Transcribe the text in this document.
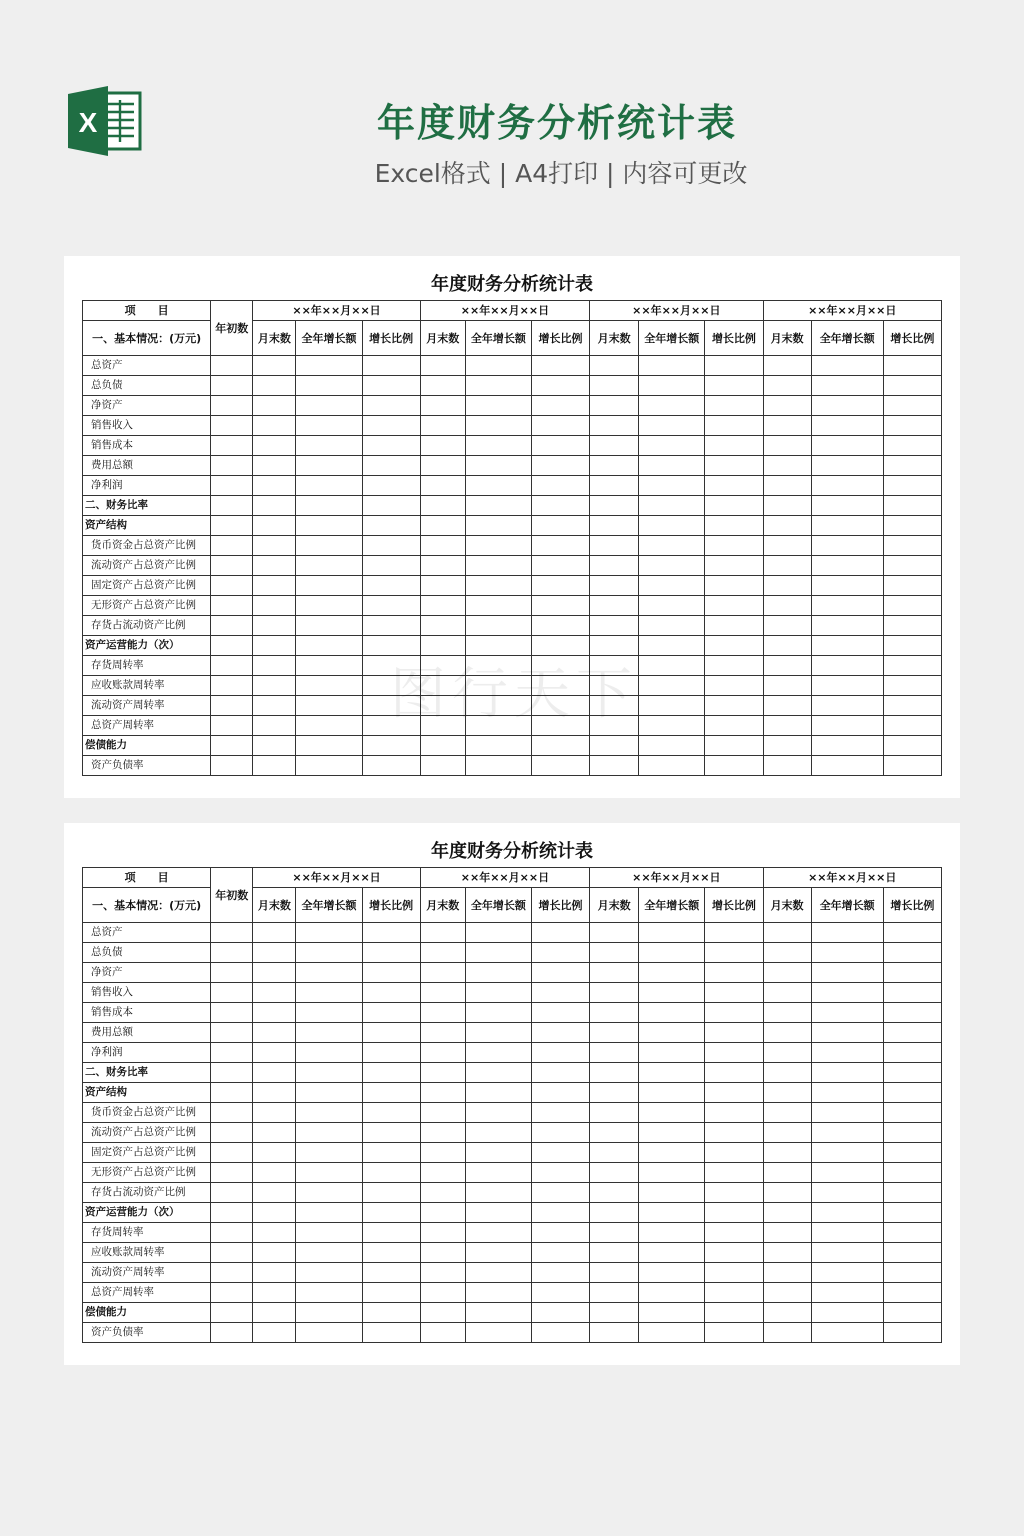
X	年度财务分析统计表
Excel格式 | A4打印 | 内容可更改
年度财务分析统计表
项　　目	年初数	××年××月××日			××年××月××日			××年××月××日			××年××月××日		
一、基本情况：(万元)		月末数	全年增长额	增长比例	月末数	全年增长额	增长比例	月末数	全年增长额	增长比例	月末数	全年增长额	增长比例
总资产													
总负债													
净资产													
销售收入													
销售成本													
费用总额													
净利润													
二、财务比率													
资产结构													
货币资金占总资产比例													
流动资产占总资产比例													
固定资产占总资产比例													
无形资产占总资产比例													
存货占流动资产比例													
资产运营能力（次）													
存货周转率													
应收账款周转率													
流动资产周转率													
总资产周转率													
偿债能力													
资产负债率													
年度财务分析统计表
项　　目	年初数	××年××月××日			××年××月××日			××年××月××日			××年××月××日		
一、基本情况：(万元)		月末数	全年增长额	增长比例	月末数	全年增长额	增长比例	月末数	全年增长额	增长比例	月末数	全年增长额	增长比例
总资产													
总负债													
净资产													
销售收入													
销售成本													
费用总额													
净利润													
二、财务比率													
资产结构													
货币资金占总资产比例													
流动资产占总资产比例													
固定资产占总资产比例													
无形资产占总资产比例													
存货占流动资产比例													
资产运营能力（次）													
存货周转率													
应收账款周转率													
流动资产周转率													
总资产周转率													
偿债能力													
资产负债率													
